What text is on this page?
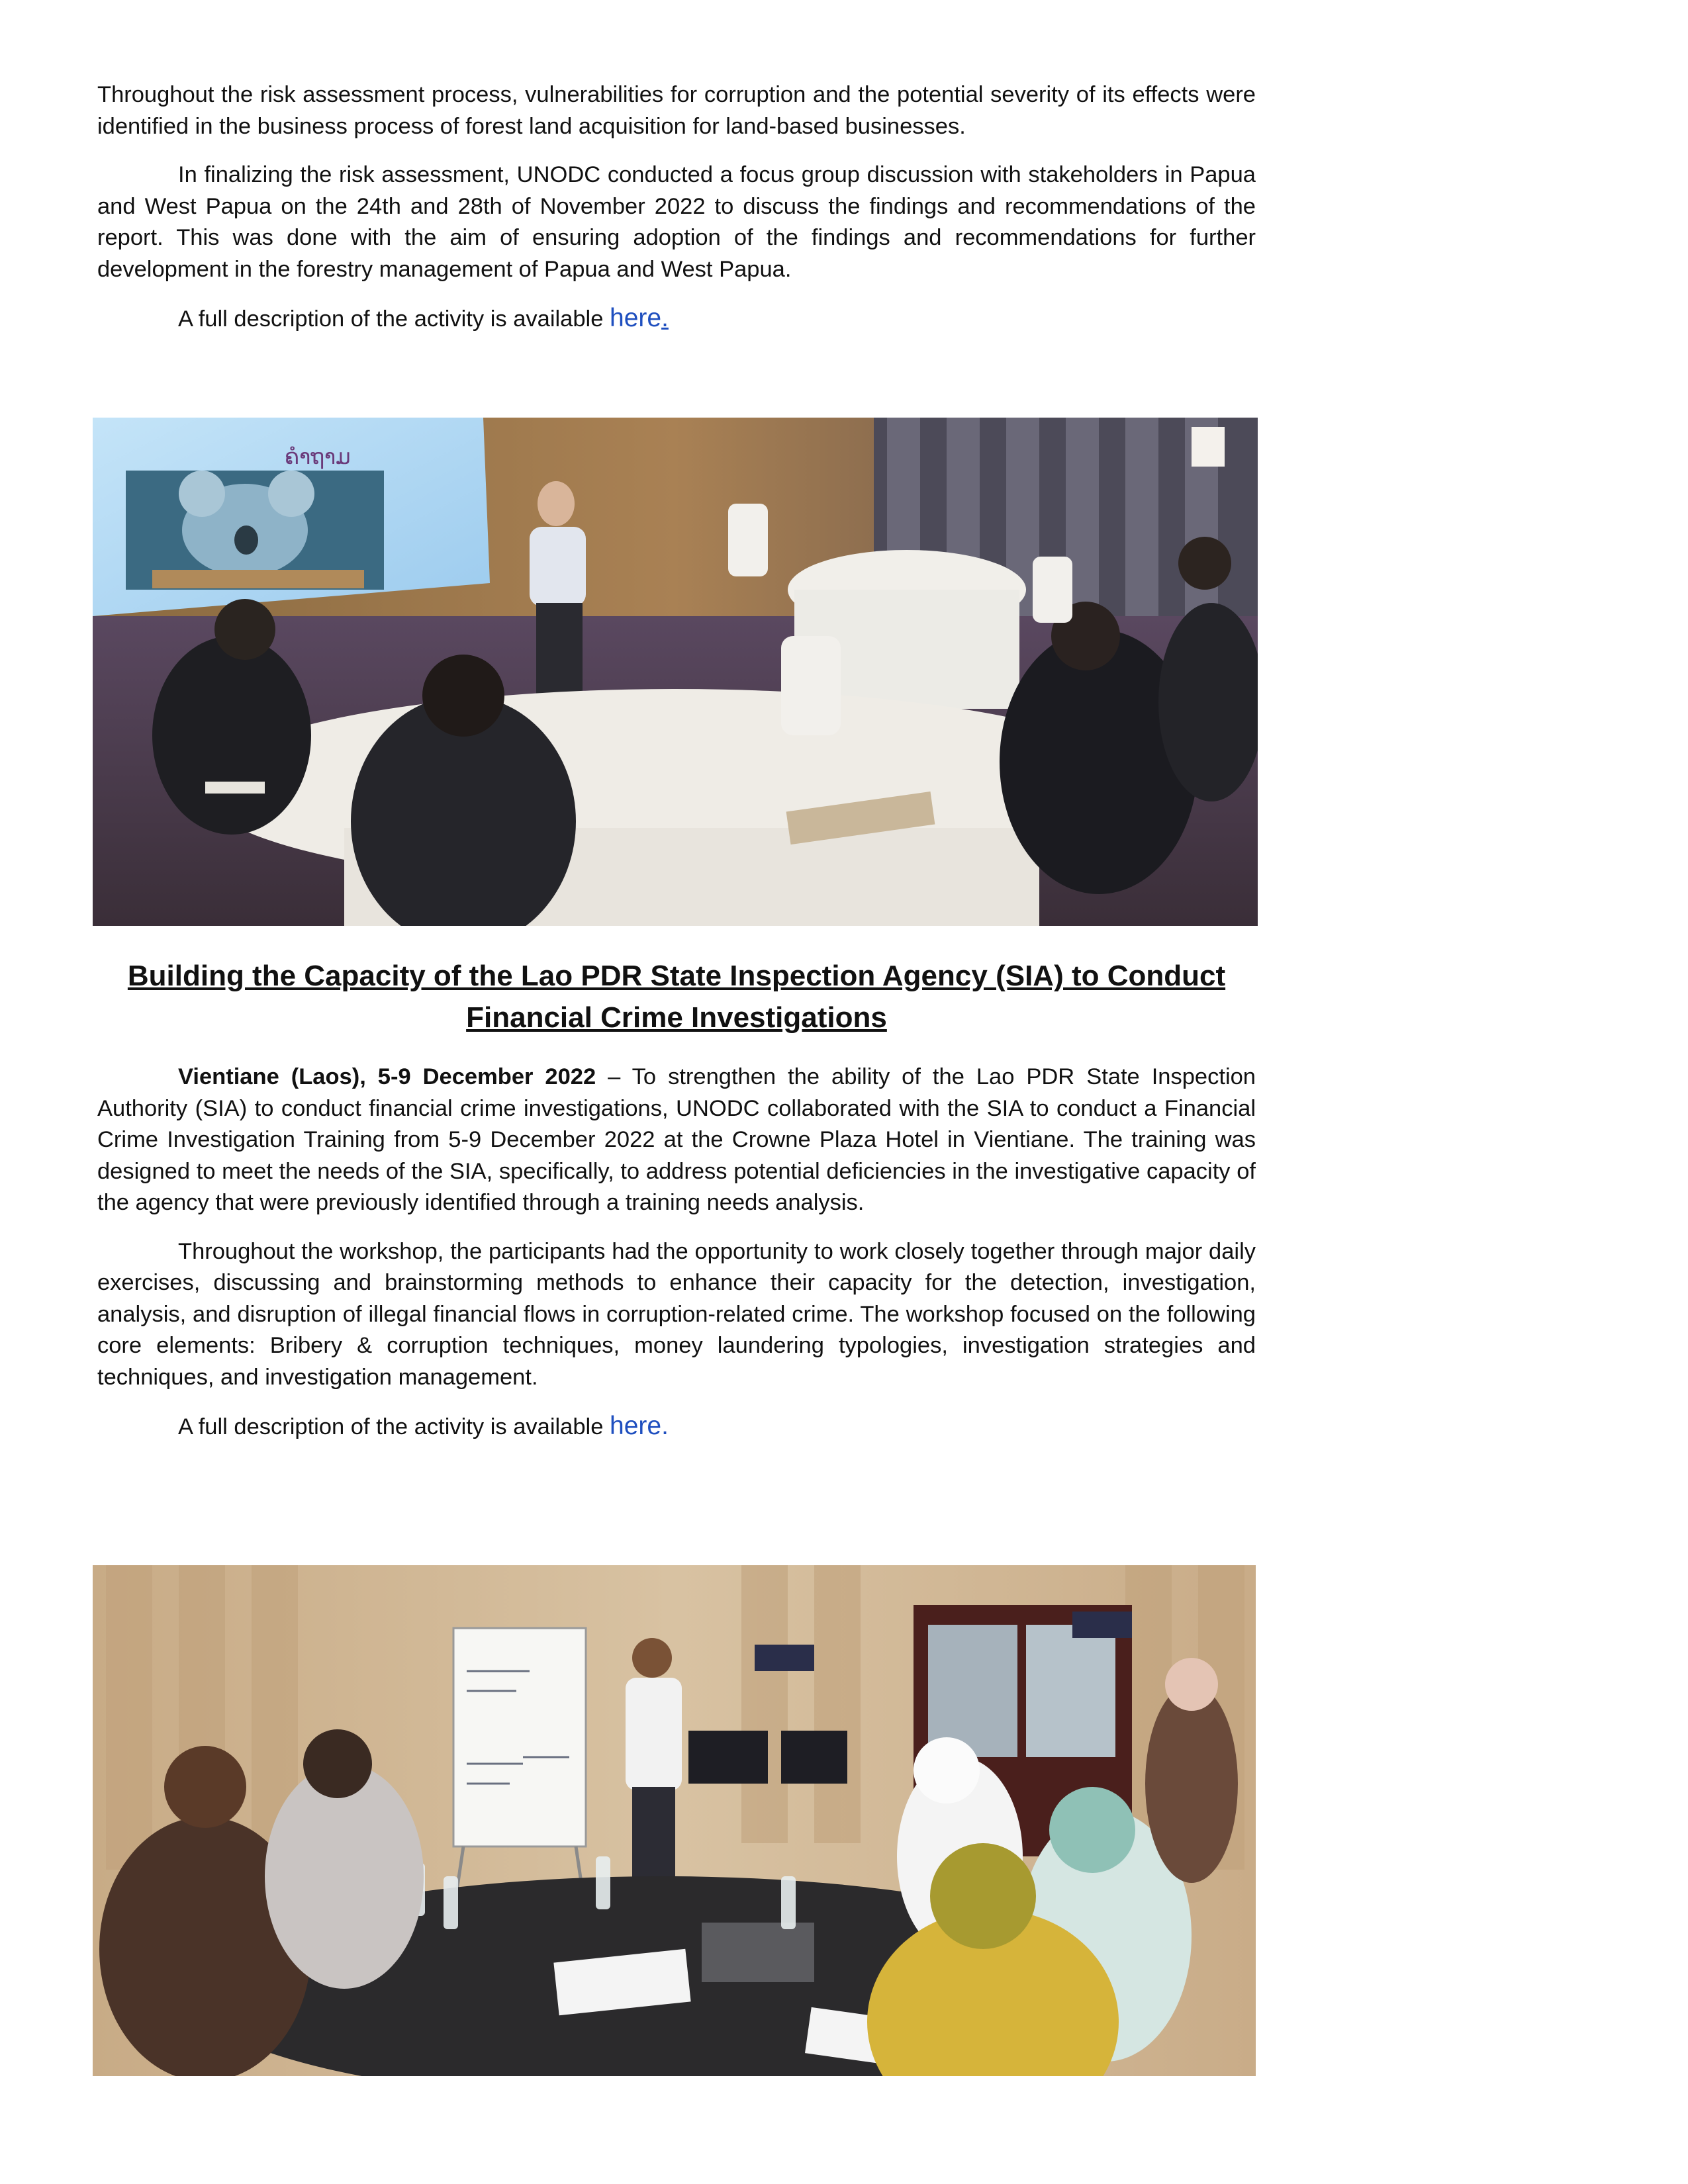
Throughout the risk assessment process, vulnerabilities for corruption and the potential severity of its effects were identified in the business process of forest land acquisition for land-based businesses.

In finalizing the risk assessment, UNODC conducted a focus group discussion with stakeholders in Papua and West Papua on the 24th and 28th of November 2022 to discuss the findings and recommendations of the report. This was done with the aim of ensuring adoption of the findings and recommendations for further development in the forestry management of Papua and West Papua.

A full description of the activity is available here.

ຄຳຖາມ
Building the Capacity of the Lao PDR State Inspection Agency (SIA) to Conduct Financial Crime Investigations

Vientiane (Laos), 5-9 December 2022 – To strengthen the ability of the Lao PDR State Inspection Authority (SIA) to conduct financial crime investigations, UNODC collaborated with the SIA to conduct a Financial Crime Investigation Training from 5-9 December 2022 at the Crowne Plaza Hotel in Vientiane. The training was designed to meet the needs of the SIA, specifically, to address potential deficiencies in the investigative capacity of the agency that were previously identified through a training needs analysis.

Throughout the workshop, the participants had the opportunity to work closely together through major daily exercises, discussing and brainstorming methods to enhance their capacity for the detection, investigation, analysis, and disruption of illegal financial flows in corruption-related crime. The workshop focused on the following core elements: Bribery & corruption techniques, money laundering typologies, investigation strategies and techniques, and investigation management.

A full description of the activity is available here.
